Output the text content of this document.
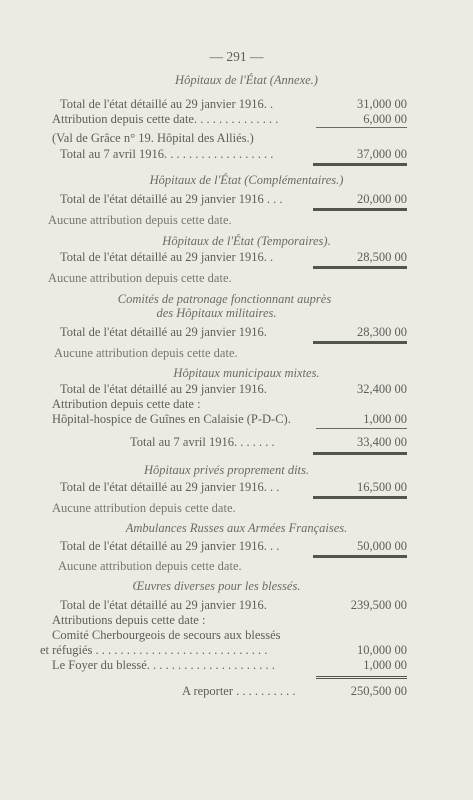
— 291 —
Hôpitaux de l'État (Annexe.)
Total de l'état détaillé au 29 janvier 1916. .	31,000 00
Attribution depuis cette date. . . . . . . . . . . . . .	6,000 00
(Val de Grâce n° 19. Hôpital des Alliés.)
Total au 7 avril 1916. . . . . . . . . . . . . . . . . .	37,000 00
Hôpitaux de l'État (Complémentaires.)
Total de l'état détaillé au 29 janvier 1916 . . .	20,000 00
Aucune attribution depuis cette date.
Hôpitaux de l'État (Temporaires).
Total de l'état détaillé au 29 janvier 1916. .	28,500 00
Aucune attribution depuis cette date.
Comités de patronage fonctionnant auprès
des Hôpitaux militaires.
Total de l'état détaillé au 29 janvier 1916.	28,300 00
Aucune attribution depuis cette date.
Hôpitaux municipaux mixtes.
Total de l'état détaillé au 29 janvier 1916.	32,400 00
Attribution depuis cette date :
Hôpital-hospice de Guînes en Calaisie (P-D-C).	1,000 00
Total au 7 avril 1916. . . . . . .	33,400 00
Hôpitaux privés proprement dits.
Total de l'état détaillé au 29 janvier 1916. . .	16,500 00
Aucune attribution depuis cette date.
Ambulances Russes aux Armées Françaises.
Total de l'état détaillé au 29 janvier 1916. . .	50,000 00
Aucune attribution depuis cette date.
Œuvres diverses pour les blessés.
Total de l'état détaillé au 29 janvier 1916.	239,500 00
Attributions depuis cette date :
Comité Cherbourgeois de secours aux blessés
et réfugiés . . . . . . . . . . . . . . . . . . . . . . . . . . . .	10,000 00
Le Foyer du blessé. . . . . . . . . . . . . . . . . . . . .	1,000 00
A reporter . . . . . . . . . .	250,500 00
